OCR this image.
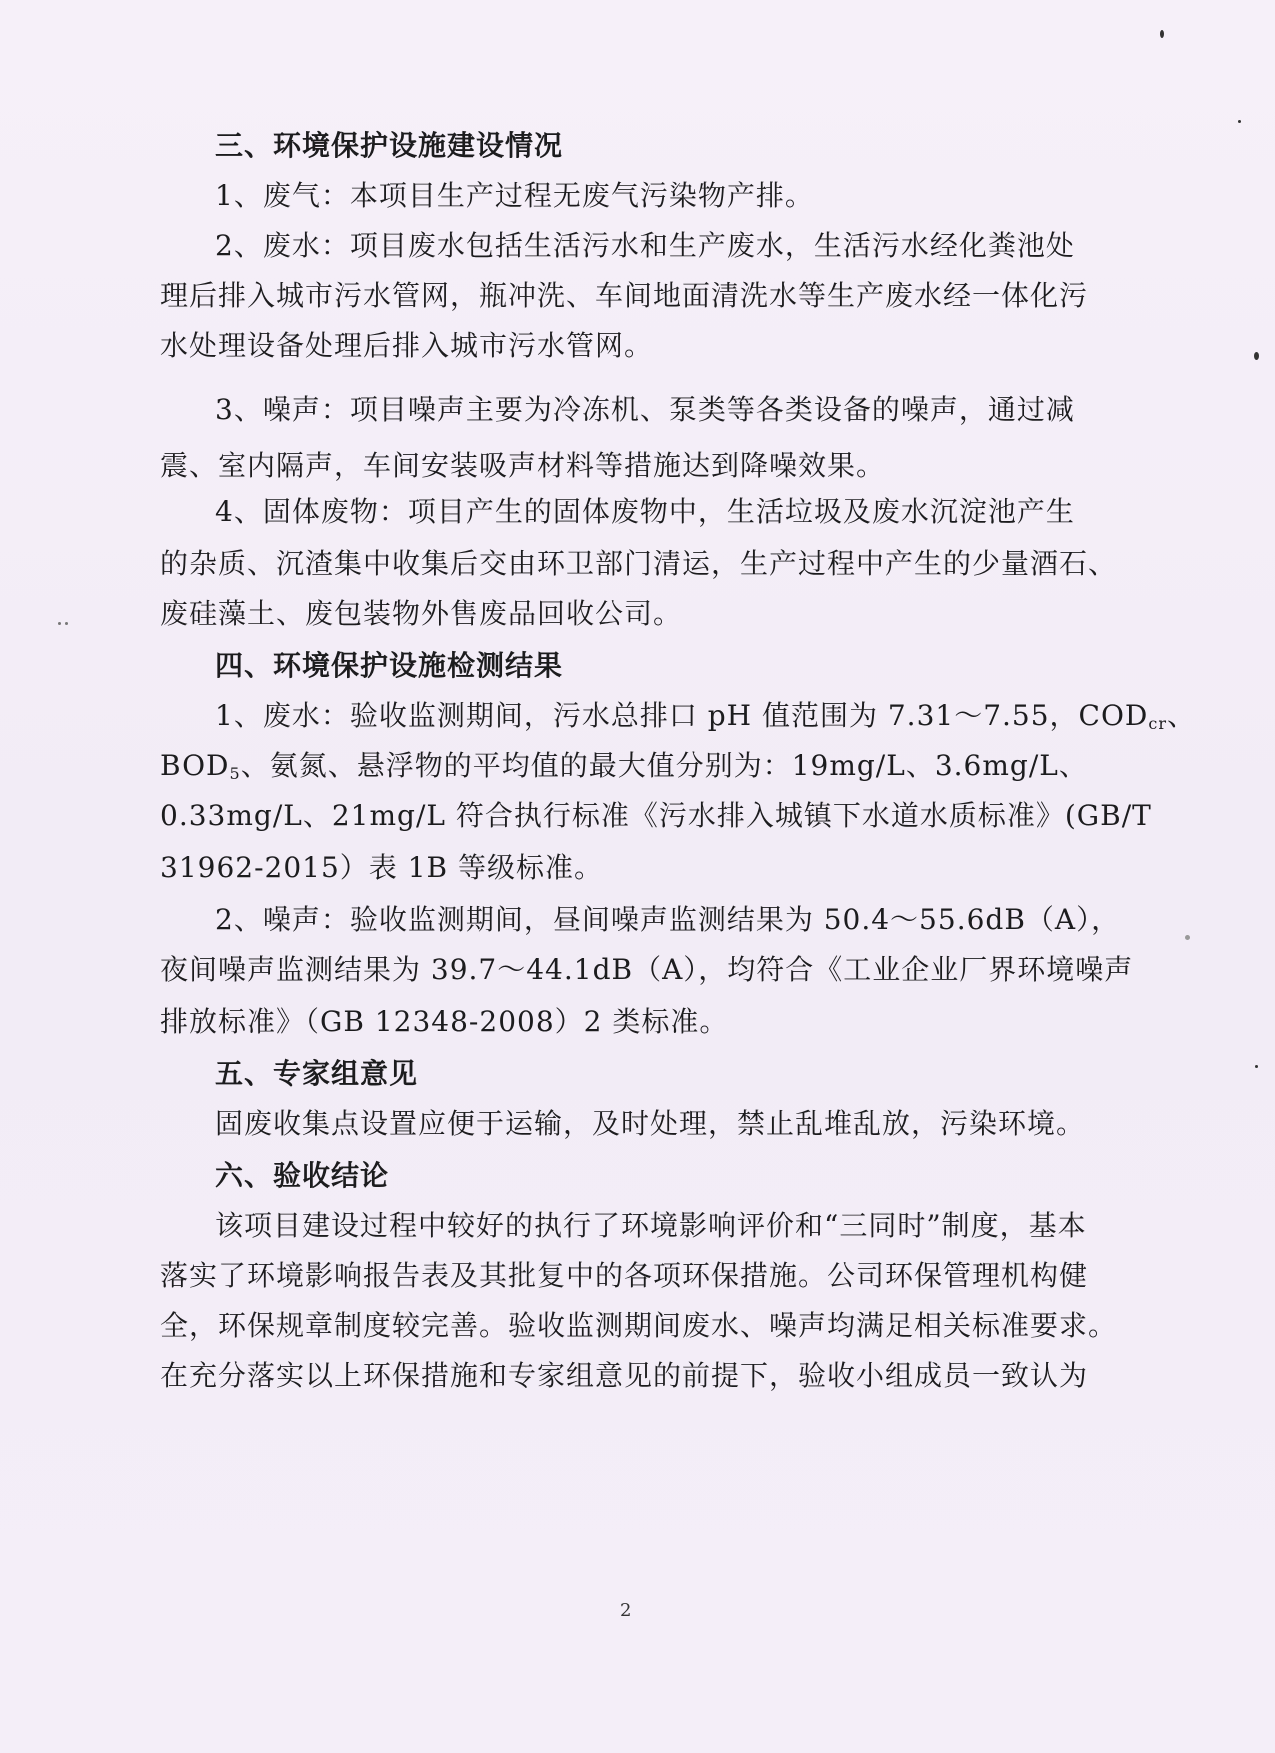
三、环境保护设施建设情况
1、废气：本项目生产过程无废气污染物产排。
2、废水：项目废水包括生活污水和生产废水，生活污水经化粪池处
理后排入城市污水管网，瓶冲洗、车间地面清洗水等生产废水经一体化污
水处理设备处理后排入城市污水管网。
3、噪声：项目噪声主要为冷冻机、泵类等各类设备的噪声，通过减
震、室内隔声，车间安装吸声材料等措施达到降噪效果。
4、固体废物：项目产生的固体废物中，生活垃圾及废水沉淀池产生
的杂质、沉渣集中收集后交由环卫部门清运，生产过程中产生的少量酒石、
废硅藻土、废包装物外售废品回收公司。
四、环境保护设施检测结果
1、废水：验收监测期间，污水总排口 pH 值范围为 7.31～7.55，$COD_{cr}$、
$BOD_5$、氨氮、悬浮物的平均值的最大值分别为：19mg/L、3.6mg/L、
0.33mg/L、21mg/L 符合执行标准《污水排入城镇下水道水质标准》(GB/T
31962-2015）表 1B 等级标准。
2、噪声：验收监测期间，昼间噪声监测结果为 50.4～55.6dB（A），
夜间噪声监测结果为 39.7～44.1dB（A），均符合《工业企业厂界环境噪声
排放标准》（GB 12348-2008）2 类标准。
五、专家组意见
固废收集点设置应便于运输，及时处理，禁止乱堆乱放，污染环境。
六、验收结论
该项目建设过程中较好的执行了环境影响评价和“三同时”制度，基本
落实了环境影响报告表及其批复中的各项环保措施。公司环保管理机构健
全，环保规章制度较完善。验收监测期间废水、噪声均满足相关标准要求。
在充分落实以上环保措施和专家组意见的前提下，验收小组成员一致认为
2
